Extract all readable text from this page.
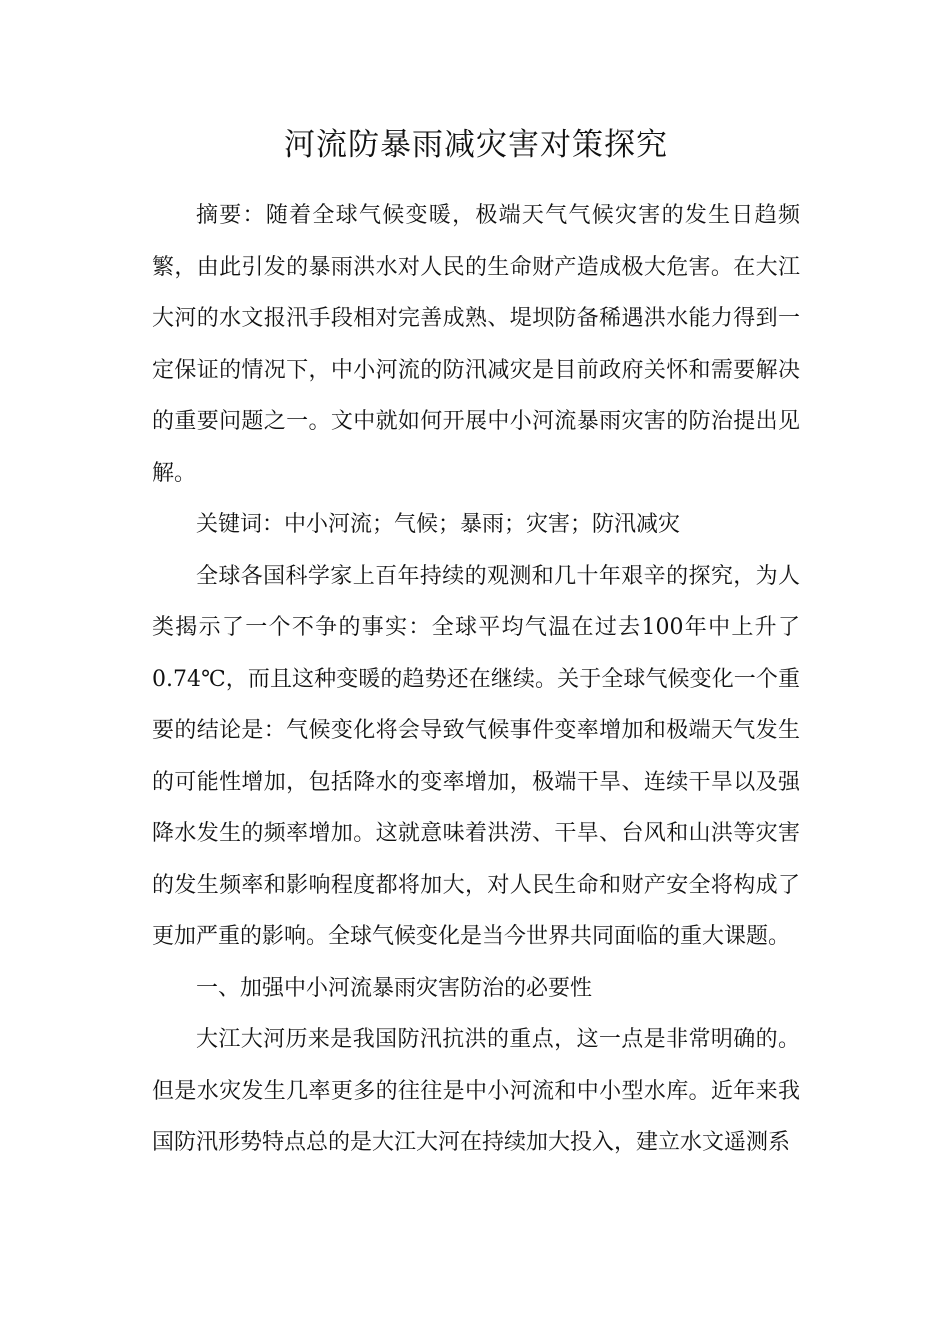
河流防暴雨减灾害对策探究

摘要：随着全球气候变暖，极端天气气候灾害的发生日趋频繁，由此引发的暴雨洪水对人民的生命财产造成极大危害。在大江大河的水文报汛手段相对完善成熟、堤坝防备稀遇洪水能力得到一定保证的情况下，中小河流的防汛减灾是目前政府关怀和需要解决的重要问题之一。文中就如何开展中小河流暴雨灾害的防治提出见解。

关键词：中小河流；气候；暴雨；灾害；防汛减灾

全球各国科学家上百年持续的观测和几十年艰辛的探究，为人类揭示了一个不争的事实：全球平均气温在过去100年中上升了0.74℃，而且这种变暖的趋势还在继续。关于全球气候变化一个重要的结论是：气候变化将会导致气候事件变率增加和极端天气发生的可能性增加，包括降水的变率增加，极端干旱、连续干旱以及强降水发生的频率增加。这就意味着洪涝、干旱、台风和山洪等灾害的发生频率和影响程度都将加大，对人民生命和财产安全将构成了更加严重的影响。全球气候变化是当今世界共同面临的重大课题。

一、加强中小河流暴雨灾害防治的必要性

大江大河历来是我国防汛抗洪的重点，这一点是非常明确的。但是水灾发生几率更多的往往是中小河流和中小型水库。近年来我国防汛形势特点总的是大江大河在持续加大投入，建立水文遥测系
